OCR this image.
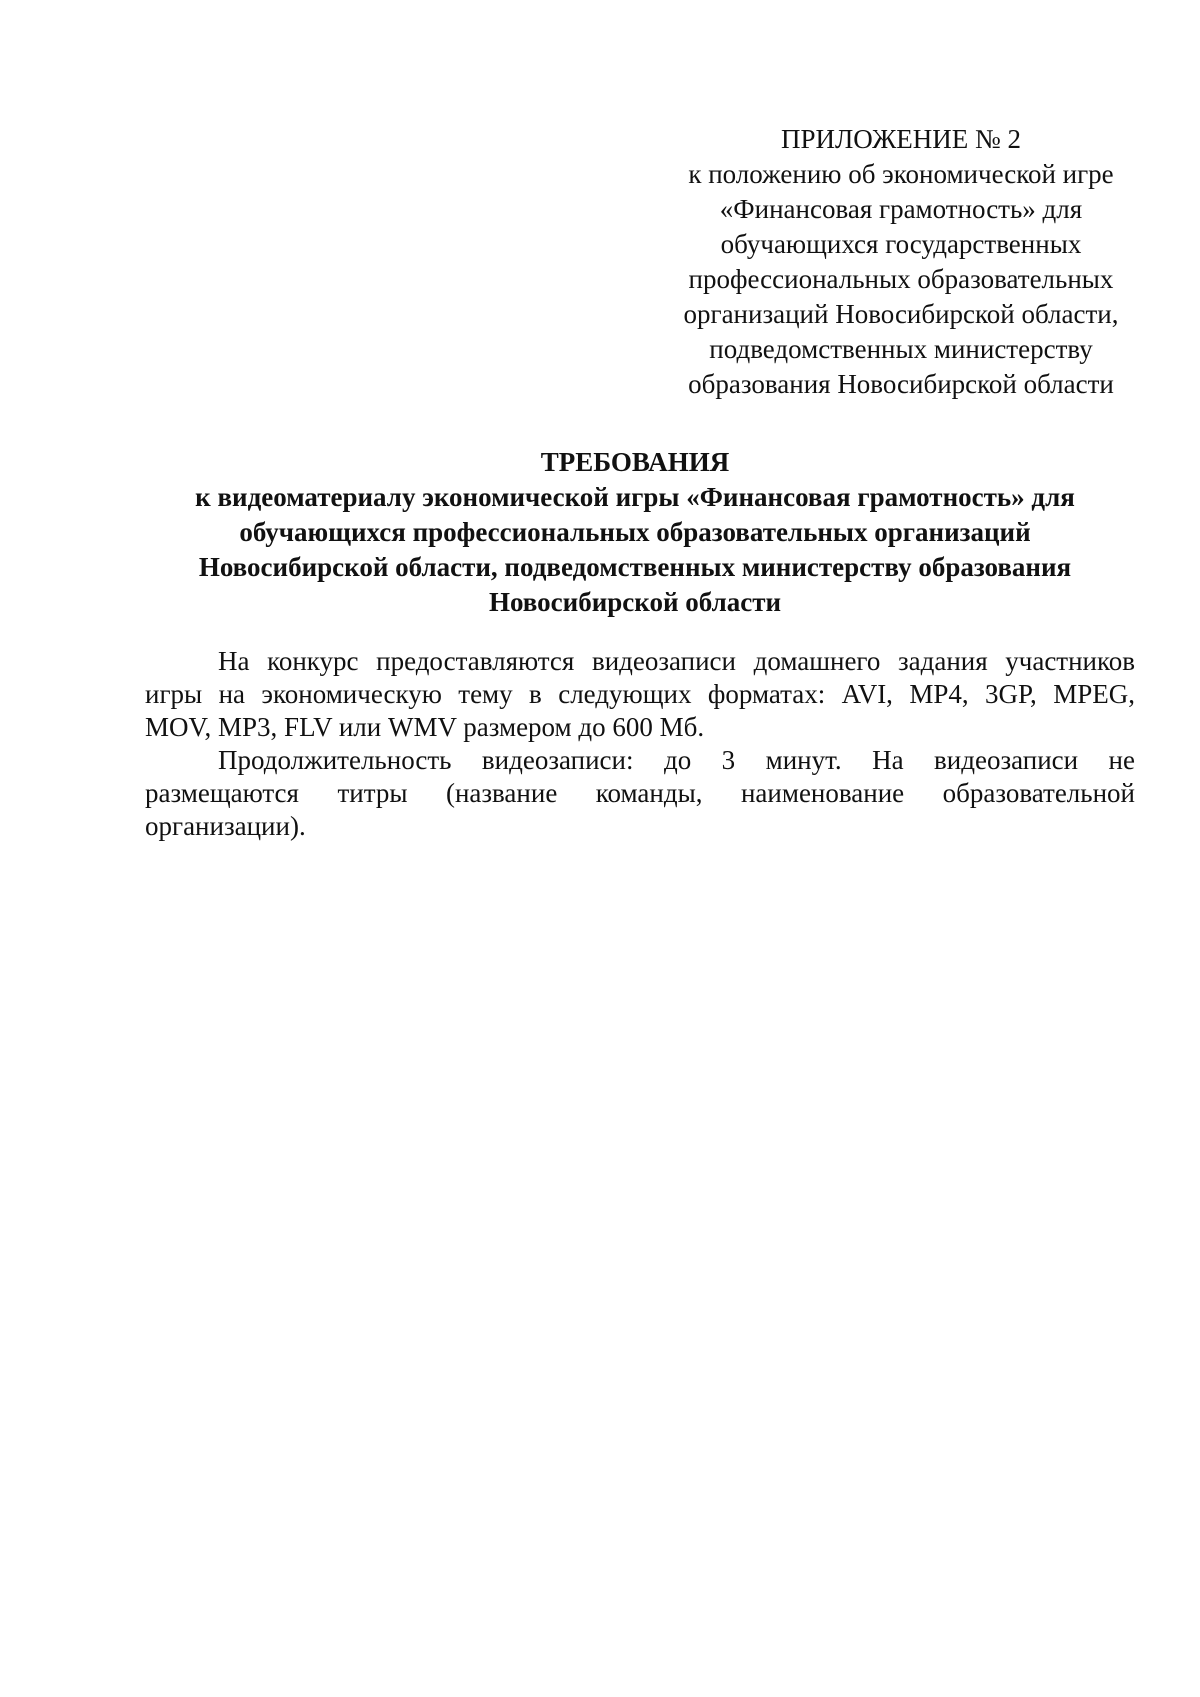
ПРИЛОЖЕНИЕ № 2
к положению об экономической игре
«Финансовая грамотность» для
обучающихся государственных
профессиональных образовательных
организаций Новосибирской области,
подведомственных министерству
образования Новосибирской области
ТРЕБОВАНИЯ
к видеоматериалу экономической игры «Финансовая грамотность» для
обучающихся профессиональных образовательных организаций
Новосибирской области, подведомственных министерству образования
Новосибирской области
На конкурс предоставляются видеозаписи домашнего задания участников
игры на экономическую тему в следующих форматах: AVI, MP4, 3GP, MPEG,
MOV, MP3, FLV или WMV размером до 600 Мб.
Продолжительность видеозаписи: до 3 минут. На видеозаписи не
размещаются титры (название команды, наименование образовательной
организации).
